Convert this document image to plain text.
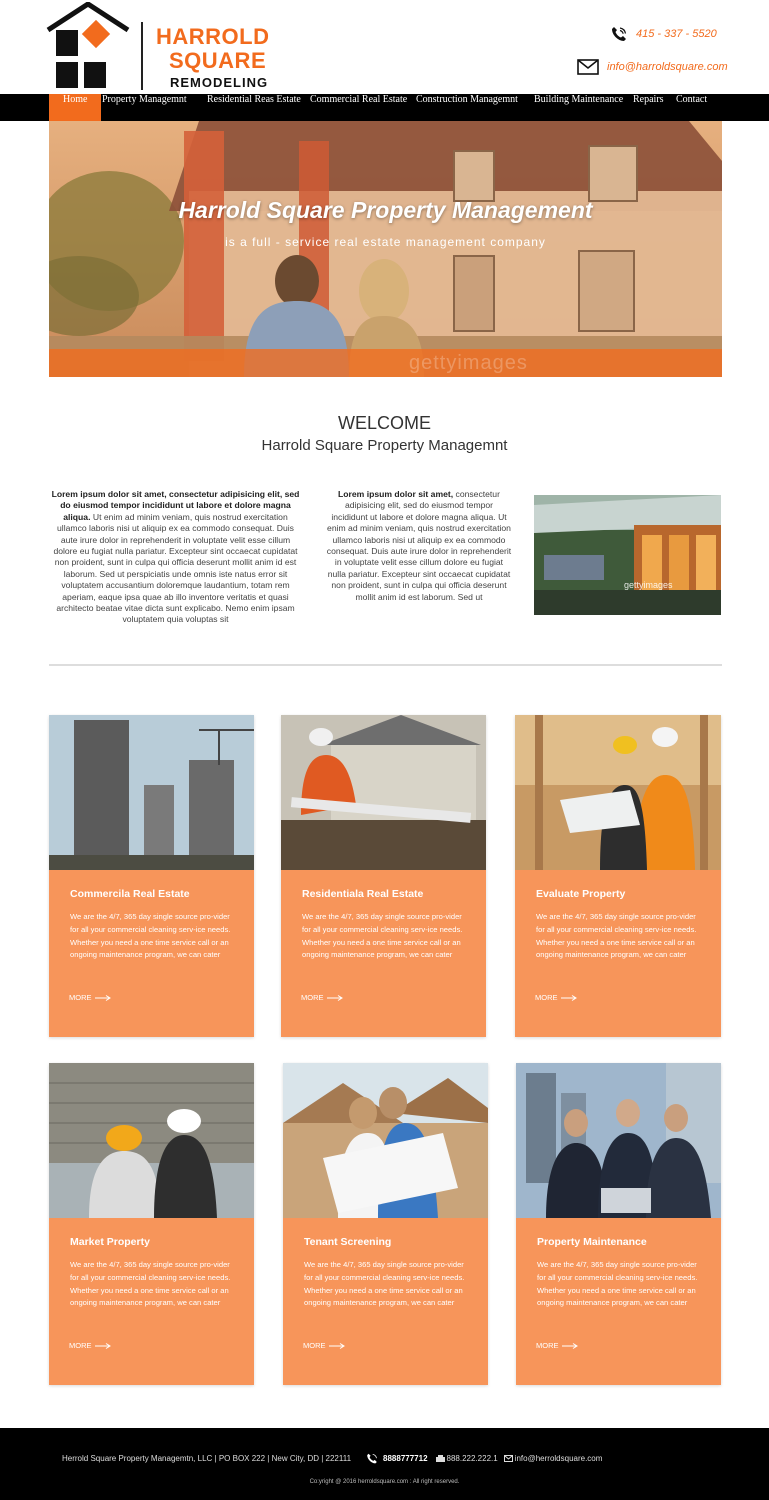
HARROLD
SQUARE
REMODELING
415 - 337 - 5520
info@harroldsquare.com
Home	Property Managemnt Residential Reas Estate Commercial Real Estate Construction Managemnt Building Maintenance Repairs Contact
Harrold Square Property Management
is a full - service real estate management company
gettyimages
WELCOME
Harrold Square Property Managemnt
Lorem ipsum dolor sit amet, consectetur adipisicing elit, sed do eiusmod tempor incididunt ut labore et dolore magna aliqua. Ut enim ad minim veniam, quis nostrud exercitation ullamco laboris nisi ut aliquip ex ea commodo consequat. Duis aute irure dolor in reprehenderit in voluptate velit esse cillum dolore eu fugiat nulla pariatur. Excepteur sint occaecat cupidatat non proident, sunt in culpa qui officia deserunt mollit anim id est laborum. Sed ut perspiciatis unde omnis iste natus error sit voluptatem accusantium doloremque laudantium, totam rem aperiam, eaque ipsa quae ab illo inventore veritatis et quasi architecto beatae vitae dicta sunt explicabo. Nemo enim ipsam voluptatem quia voluptas sit
Lorem ipsum dolor sit amet, consectetur adipisicing elit, sed do eiusmod tempor incididunt ut labore et dolore magna aliqua. Ut enim ad minim veniam, quis nostrud exercitation ullamco laboris nisi ut aliquip ex ea commodo consequat. Duis aute irure dolor in reprehenderit in voluptate velit esse cillum dolore eu fugiat nulla pariatur. Excepteur sint occaecat cupidatat non proident, sunt in culpa qui officia deserunt mollit anim id est laborum. Sed ut
gettyimages
Commercila Real Estate
We are the 4/7, 365 day single source pro-vider for all your commercial cleaning serv-ice needs. Whether you need a one time service call or an ongoing maintenance program, we can cater
MORE
Residentiala Real Estate
We are the 4/7, 365 day single source pro-vider for all your commercial cleaning serv-ice needs. Whether you need a one time service call or an ongoing maintenance program, we can cater
MORE
Evaluate Property
We are the 4/7, 365 day single source pro-vider for all your commercial cleaning serv-ice needs. Whether you need a one time service call or an ongoing maintenance program, we can cater
MORE
Market Property
We are the 4/7, 365 day single source pro-vider for all your commercial cleaning serv-ice needs. Whether you need a one time service call or an ongoing maintenance program, we can cater
MORE
Tenant Screening
We are the 4/7, 365 day single source pro-vider for all your commercial cleaning serv-ice needs. Whether you need a one time service call or an ongoing maintenance program, we can cater
MORE
Property Maintenance
We are the 4/7, 365 day single source pro-vider for all your commercial cleaning serv-ice needs. Whether you need a one time service call or an ongoing maintenance program, we can cater
MORE
Herrold Square Property Managemtn, LLC | PO BOX 222 | New City, DD | 222111	8888777712 888.222.222.1 info@herroldsquare.com
Co:yright @ 2016 herroldsquare.com : All right reserved.
